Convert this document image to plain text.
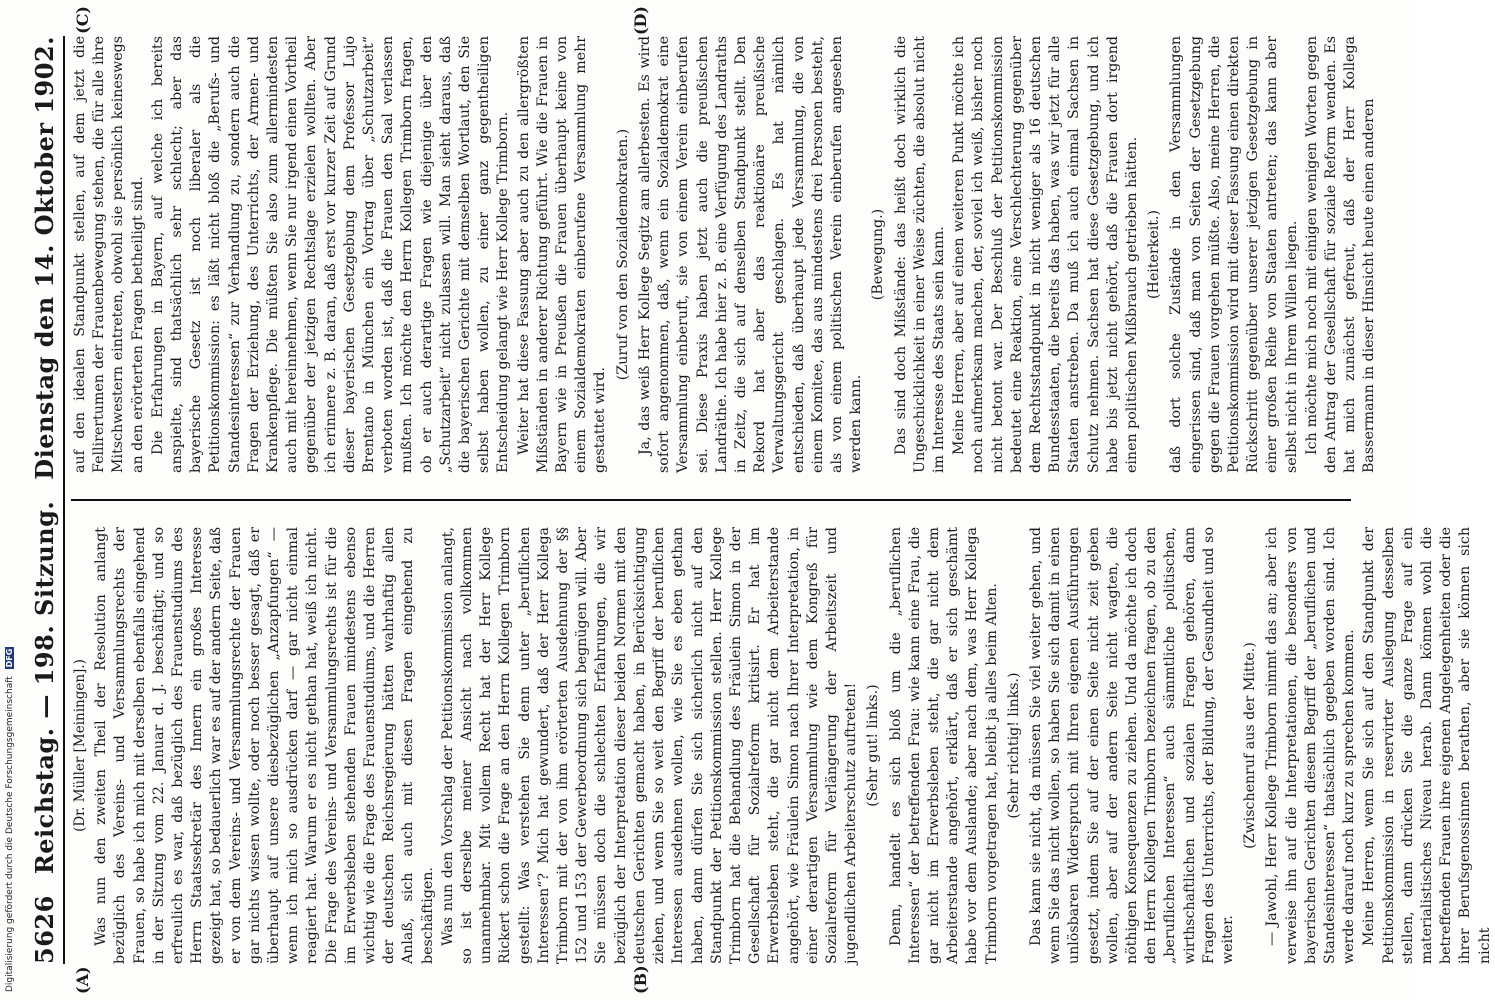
5626
Reichstag. — 198. Sitzung.
Dienstag den 14. Oktober 1902.
(A)	(B)
(Dr. Müller [Meiningen].) Was nun den zweiten Theil der Resolution anlangt bezüglich des Vereins- und Versammlungsrechts der Frauen, so habe ich mich mit derselben ebenfalls eingehend in der Sitzung vom 22. Januar d. J. beschäftigt; und so erfreulich es war, daß bezüglich des Frauenstudiums des Herrn Staatssekretär des Innern ein großes Interesse gezeigt hat, so bedauerlich war es auf der andern Seite, daß er von dem Vereins- und Versammlungsrechte der Frauen gar nichts wissen wollte, oder noch besser gesagt, daß er überhaupt auf unsere diesbezüglichen „Anzapfungen“ — wenn ich mich so ausdrücken darf — gar nicht einmal reagiert hat. Warum er es nicht gethan hat, weiß ich nicht. Die Frage des Vereins- und Versammlungsrechts ist für die im Erwerbsleben stehenden Frauen mindestens ebenso wichtig wie die Frage des Frauenstudiums, und die Herren der deutschen Reichsregierung hätten wahrhaftig allen Anlaß, sich auch mit diesen Fragen eingehend zu beschäftigen. Was nun den Vorschlag der Petitionskommission anlangt, so ist derselbe meiner Ansicht nach vollkommen unannehmbar. Mit vollem Recht hat der Herr Kollege Rickert schon die Frage an den Herrn Kollegen Trimborn gestellt: Was verstehen Sie denn unter „beruflichen Interessen“? Mich hat gewundert, daß der Herr Kollega Trimborn mit der von ihm erörterten Ausdehnung der §§ 152 und 153 der Gewerbeordnung sich begnügen will. Aber Sie müssen doch die schlechten Erfahrungen, die wir bezüglich der Interpretation dieser beiden Normen mit den deutschen Gerichten gemacht haben, in Berücksichtigung ziehen, und wenn Sie so weit den Begriff der beruflichen Interessen ausdehnen wollen, wie Sie es eben gethan haben, dann dürfen Sie sich sicherlich nicht auf den Standpunkt der Petitionskommission stellen. Herr Kollege Trimborn hat die Behandlung des Fräulein Simon in der Gesellschaft für Sozialreform kritisirt. Er hat im Erwerbsleben steht, die gar nicht dem Arbeiterstande angehört, wie Fräulein Simon nach Ihrer Interpretation, in einer derartigen Versammlung wie dem Kongreß für Sozialreform für Verlängerung der Arbeitszeit und jugendlichen Arbeiterschutz auftreten! (Sehr gut! links.) Denn, handelt es sich bloß um die „beruflichen Interessen“ der betreffenden Frau: wie kann eine Frau, die gar nicht im Erwerbsleben steht, die gar nicht dem Arbeiterstande angehört, erklärt, daß er sich geschämt habe vor dem Auslande; aber nach dem, was Herr Kollega Trimborn vorgetragen hat, bleibt ja alles beim Alten. (Sehr richtig! links.) Das kann sie nicht, da müssen Sie viel weiter gehen, und wenn Sie das nicht wollen, so haben Sie sich damit in einen unlösbaren Widerspruch mit Ihren eigenen Ausführungen gesetzt, indem Sie auf der einen Seite nicht zeit geben wollen, aber auf der andern Seite nicht wagten, die nöthigen Konsequenzen zu ziehen. Und da möchte ich doch den Herrn Kollegen Trimborn bezeichnen fragen, ob zu den „beruflichen Interessen“ auch sämmtliche politischen, wirthschaftlichen und sozialen Fragen gehören, dann Fragen des Unterrichts, der Bildung, der Gesundheit und so weiter.

(Zwischenruf aus der Mitte.) — Jawohl, Herr Kollege Trimborn nimmt das an; aber ich verweise ihn auf die Interpretationen, die besonders von bayerischen Gerichten diesem Begriff der „beruflichen und Standesinteressen“ thatsächlich gegeben worden sind. Ich werde darauf noch kurz zu sprechen kommen. Meine Herren, wenn Sie sich auf den Standpunkt der Petitionskommission in reservirter Auslegung desselben stellen, dann drücken Sie die ganze Frage auf ein materialistisches Niveau herab. Dann können wohl die betreffenden Frauen ihre eigenen Angelegenheiten oder die ihrer Berufsgenossinnen berathen, aber sie können sich nicht

(C)	(D)

auf den idealen Standpunkt stellen, auf dem jetzt die Fellirertumen der Frauenbewegung stehen, die für alle ihre Mitschwestern eintreten, obwohl sie persönlich keineswegs an den erörterten Fragen betheiligt sind. Die Erfahrungen in Bayern, auf welche ich bereits anspielte, sind thatsächlich sehr schlecht; aber das bayerische Gesetz ist noch liberaler als die Petitionskommission: es läßt nicht bloß die „Berufs- und Standesinteressen“ zur Verhandlung zu, sondern auch die Fragen der Erziehung, des Unterrichts, der Armen- und Krankenpflege. Die müßten Sie also zum allermindesten auch mit hereinnehmen, wenn Sie nur irgend einen Vortheil gegenüber der jetzigen Rechtslage erzielen wollten. Aber ich erinnere z. B. daran, daß erst vor kurzer Zeit auf Grund dieser bayerischen Gesetzgebung dem Professor Lujo Brentano in München ein Vortrag über „Schutzarbeit“ verboten worden ist, daß die Frauen den Saal verlassen mußten. Ich möchte den Herrn Kollegen Trimborn fragen, ob er auch derartige Fragen wie diejenige über den „Schutzarbeit“ nicht zulassen will. Man sieht daraus, daß die bayerischen Gerichte mit demselben Wortlaut, den Sie selbst haben wollen, zu einer ganz gegentheiligen Entscheidung gelangt wie Herr Kollege Trimborn. Weiter hat diese Fassung aber auch zu den allergrößten Mißständen in anderer Richtung geführt. Wie die Frauen in Bayern wie in Preußen die Frauen überhaupt keine von einem Sozialdemokraten einberufene Versammlung mehr gestattet wird.

(Zuruf von den Sozialdemokraten.) Ja, das weiß Herr Kollege Segitz am allerbesten. Es wird sofort angenommen, daß, wenn ein Sozialdemokrat eine Versammlung einberuft, sie von einem Verein einberufen sei. Diese Praxis haben jetzt auch die preußischen Landräthe. Ich habe hier z. B. eine Verfügung des Landraths in Zeitz, die sich auf denselben Standpunkt stellt. Den Rekord hat aber das reaktionäre preußische Verwaltungsgericht geschlagen. Es hat nämlich entschieden, daß überhaupt jede Versammlung, die von einem Komitee, das aus mindestens drei Personen besteht, als von einem politischen Verein einberufen angesehen werden kann.

(Bewegung.) Das sind doch Mißstände: das heißt doch wirklich die Ungeschicklichkeit in einer Weise züchten, die absolut nicht im Interesse des Staats sein kann. Meine Herren, aber auf einen weiteren Punkt möchte ich noch aufmerksam machen, der, soviel ich weiß, bisher noch nicht betont war. Der Beschluß der Petitionskommission bedeutet eine Reaktion, eine Verschlechterung gegenüber dem Rechtsstandpunkt in nicht weniger als 16 deutschen Bundesstaaten, die bereits das haben, was wir jetzt für alle Staaten anstreben. Da muß ich auch einmal Sachsen in Schutz nehmen. Sachsen hat diese Gesetzgebung, und ich habe bis jetzt nicht gehört, daß die Frauen dort irgend einen politischen Mißbrauch getrieben hätten. (Heiterkeit.) daß dort solche Zustände in den Versammlungen eingerissen sind, daß man von Seiten der Gesetzgebung gegen die Frauen vorgehen müßte. Also, meine Herren, die Petitionskommission wird mit dieser Fassung einen direkten Rückschritt gegenüber unserer jetzigen Gesetzgebung in einer großen Reihe von Staaten antreten; das kann aber selbst nicht in Ihrem Willen liegen. Ich möchte mich noch mit einigen wenigen Worten gegen den Antrag der Gesellschaft für soziale Reform wenden. Es hat mich zunächst gefreut, daß der Herr Kollega Bassermann in dieser Hinsicht heute einen anderen

Digitalisierung gefördert durch die Deutsche Forschungsgemeinschaft DFG
